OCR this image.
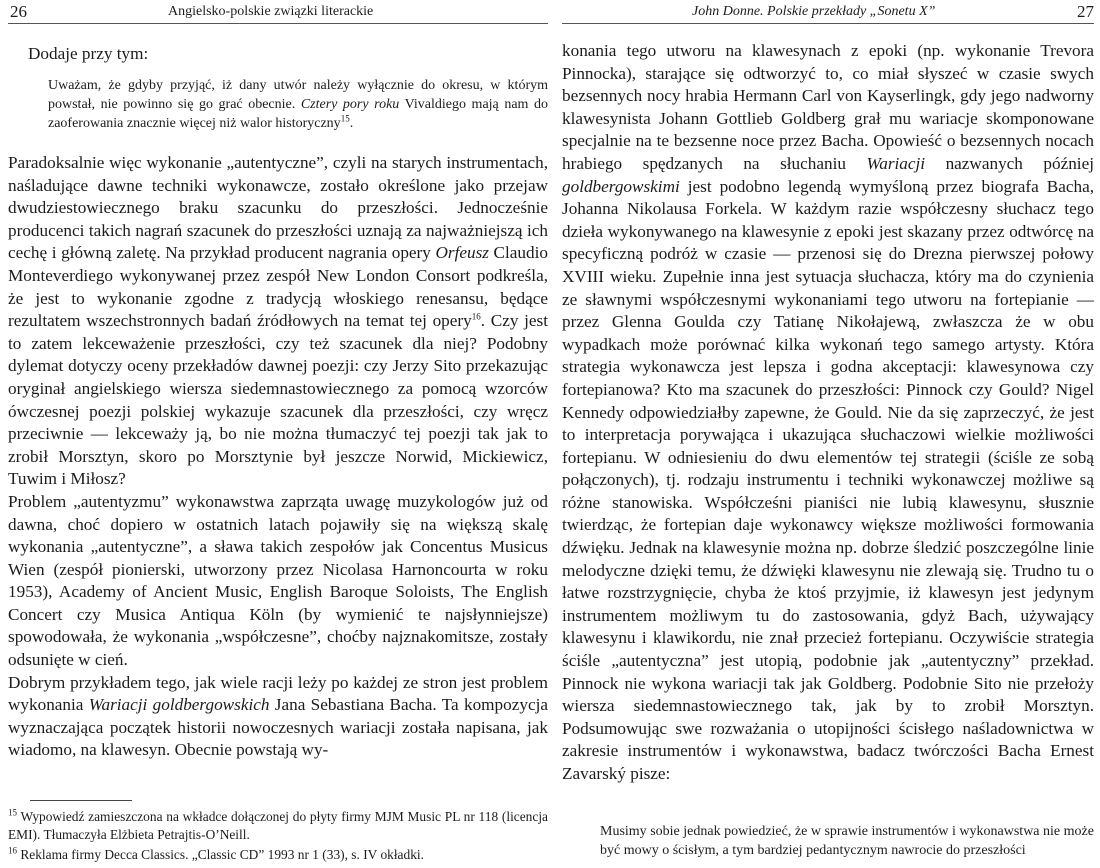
26	Angielsko-polskie związki literackie
Dodaje przy tym:

Uważam, że gdyby przyjąć, iż dany utwór należy wyłącznie do okresu, w którym powstał, nie powinno się go grać obecnie. Cztery pory roku Vivaldiego mają nam do zaoferowania znacznie więcej niż walor historyczny$^{15}$.

Paradoksalnie więc wykonanie „autentyczne”, czyli na starych instrumentach, naśladujące dawne techniki wykonawcze, zostało określone jako przejaw dwudziestowiecznego braku szacunku do przeszłości. Jednocześnie producenci takich nagrań szacunek do przeszłości uznają za najważniejszą ich cechę i główną zaletę. Na przykład producent nagrania opery Orfeusz Claudio Monteverdiego wykonywanej przez zespół New London Consort podkreśla, że jest to wykonanie zgodne z tradycją włoskiego renesansu, będące rezultatem wszechstronnych badań źródłowych na temat tej opery$^{16}$. Czy jest to zatem lekceważenie przeszłości, czy też szacunek dla niej? Podobny dylemat dotyczy oceny przekładów dawnej poezji: czy Jerzy Sito przekazując oryginał angielskiego wiersza siedemnastowiecznego za pomocą wzorców ówczesnej poezji polskiej wykazuje szacunek dla przeszłości, czy wręcz przeciwnie — lekceważy ją, bo nie można tłumaczyć tej poezji tak jak to zrobił Morsztyn, skoro po Morsztynie był jeszcze Norwid, Mickiewicz, Tuwim i Miłosz?

Problem „autentyzmu” wykonawstwa zaprząta uwagę muzykologów już od dawna, choć dopiero w ostatnich latach pojawiły się na większą skalę wykonania „autentyczne”, a sława takich zespołów jak Concentus Musicus Wien (zespół pionierski, utworzony przez Nicolasa Harnoncourta w roku 1953), Academy of Ancient Music, English Baroque Soloists, The English Concert czy Musica Antiqua Köln (by wymienić te najsłynniejsze) spowodowała, że wykonania „współczesne”, choćby najznakomitsze, zostały odsunięte w cień.

Dobrym przykładem tego, jak wiele racji leży po każdej ze stron jest problem wykonania Wariacji goldbergowskich Jana Sebastiana Bacha. Ta kompozycja wyznaczająca początek historii nowoczesnych wariacji została napisana, jak wiadomo, na klawesyn. Obecnie powstają wy-

$^{15}$ Wypowiedź zamieszczona na wkładce dołączonej do płyty firmy MJM Music PL nr 118 (licencja EMI). Tłumaczyła Elżbieta Petrajtis-O’Neill.

$^{16}$ Reklama firmy Decca Classics. „Classic CD” 1993 nr 1 (33), s. IV okładki.

John Donne. Polskie przekłady „Sonetu X”	27

konania tego utworu na klawesynach z epoki (np. wykonanie Trevora Pinnocka), starające się odtworzyć to, co miał słyszeć w czasie swych bezsennych nocy hrabia Hermann Carl von Kayserlingk, gdy jego nadworny klawesynista Johann Gottlieb Goldberg grał mu wariacje skomponowane specjalnie na te bezsenne noce przez Bacha. Opowieść o bezsennych nocach hrabiego spędzanych na słuchaniu Wariacji nazwanych później goldbergowskimi jest podobno legendą wymyśloną przez biografa Bacha, Johanna Nikolausa Forkela. W każdym razie współczesny słuchacz tego dzieła wykonywanego na klawesynie z epoki jest skazany przez odtwórcę na specyficzną podróż w czasie — przenosi się do Drezna pierwszej połowy XVIII wieku. Zupełnie inna jest sytuacja słuchacza, który ma do czynienia ze sławnymi współczesnymi wykonaniami tego utworu na fortepianie — przez Glenna Goulda czy Tatianę Nikołajewą, zwłaszcza że w obu wypadkach może porównać kilka wykonań tego samego artysty. Która strategia wykonawcza jest lepsza i godna akceptacji: klawesynowa czy fortepianowa? Kto ma szacunek do przeszłości: Pinnock czy Gould? Nigel Kennedy odpowiedziałby zapewne, że Gould. Nie da się zaprzeczyć, że jest to interpretacja porywająca i ukazująca słuchaczowi wielkie możliwości fortepianu. W odniesieniu do dwu elementów tej strategii (ściśle ze sobą połączonych), tj. rodzaju instrumentu i techniki wykonawczej możliwe są różne stanowiska. Współcześni pianiści nie lubią klawesynu, słusznie twierdząc, że fortepian daje wykonawcy większe możliwości formowania dźwięku. Jednak na klawesynie można np. dobrze śledzić poszczególne linie melodyczne dzięki temu, że dźwięki klawesynu nie zlewają się. Trudno tu o łatwe rozstrzygnięcie, chyba że ktoś przyjmie, iż klawesyn jest jedynym instrumentem możliwym tu do zastosowania, gdyż Bach, używający klawesynu i klawikordu, nie znał przecież fortepianu. Oczywiście strategia ściśle „autentyczna” jest utopią, podobnie jak „autentyczny” przekład. Pinnock nie wykona wariacji tak jak Goldberg. Podobnie Sito nie przełoży wiersza siedemnastowiecznego tak, jak by to zrobił Morsztyn. Podsumowując swe rozważania o utopijności ścisłego naśladownictwa w zakresie instrumentów i wykonawstwa, badacz twórczości Bacha Ernest Zavarský pisze:

Musimy sobie jednak powiedzieć, że w sprawie instrumentów i wykonawstwa nie może być mowy o ścisłym, a tym bardziej pedantycznym nawrocie do przeszłości
